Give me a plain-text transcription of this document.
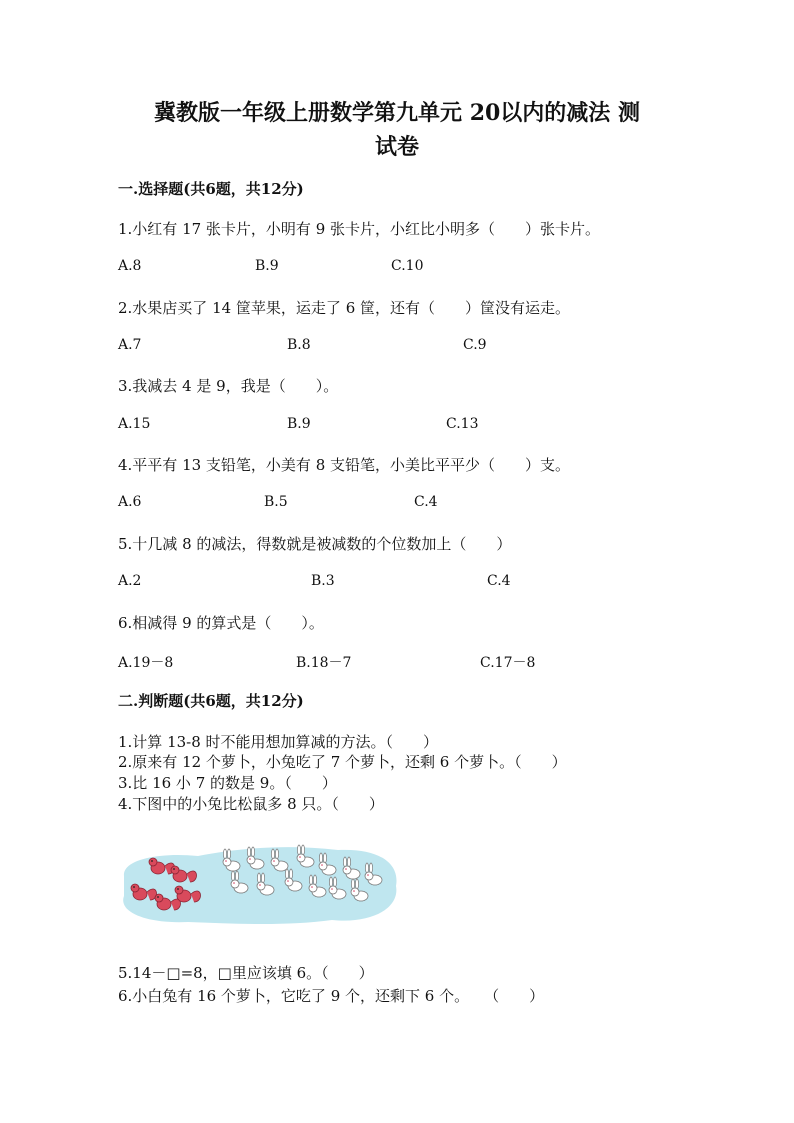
冀教版一年级上册数学第九单元 20以内的减法 测
试卷
一.选择题(共6题，共12分)
1.小红有 17 张卡片，小明有 9 张卡片，小红比小明多（　　）张卡片。
A.8	B.9	C.10
2.水果店买了 14 筐苹果，运走了 6 筐，还有（　　）筐没有运走。
A.7	B.8	C.9
3.我减去 4 是 9，我是（　　）。
A.15	B.9	C.13
4.平平有 13 支铅笔，小美有 8 支铅笔，小美比平平少（　　）支。
A.6	B.5	C.4
5.十几减 8 的减法，得数就是被减数的个位数加上（　　）
A.2	B.3	C.4
6.相减得 9 的算式是（　　）。
A.19－8	B.18－7	C.17－8
二.判断题(共6题，共12分)
1.计算 13-8 时不能用想加算减的方法。（　　）
2.原来有 12 个萝卜，小兔吃了 7 个萝卜，还剩 6 个萝卜。（　　）
3.比 16 小 7 的数是 9。（　　）
4.下图中的小兔比松鼠多 8 只。（　　）
5.14－□=8，□里应该填 6。（　　）
6.小白兔有 16 个萝卜，它吃了 9 个，还剩下 6 个。　　（　　）
